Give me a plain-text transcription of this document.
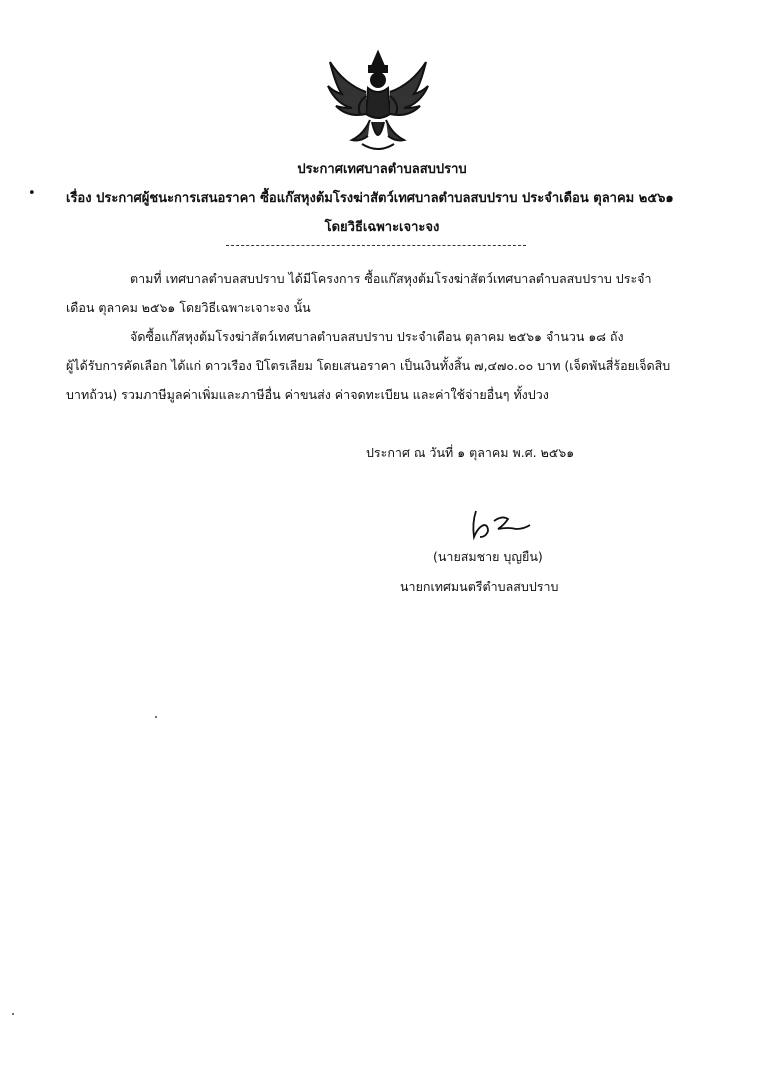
ประกาศเทศบาลตำบลสบปราบ
• เรื่อง ประกาศผู้ชนะการเสนอราคา ซื้อแก๊สหุงต้มโรงฆ่าสัตว์เทศบาลตำบลสบปราบ ประจำเดือน ตุลาคม ๒๕๖๑
โดยวิธีเฉพาะเจาะจง
ตามที่ เทศบาลตำบลสบปราบ ได้มีโครงการ ซื้อแก๊สหุงต้มโรงฆ่าสัตว์เทศบาลตำบลสบปราบ ประจำ
เดือน ตุลาคม ๒๕๖๑ โดยวิธีเฉพาะเจาะจง นั้น
จัดซื้อแก๊สหุงต้มโรงฆ่าสัตว์เทศบาลตำบลสบปราบ ประจำเดือน ตุลาคม ๒๕๖๑ จำนวน ๑๘ ถัง
ผู้ได้รับการคัดเลือก ได้แก่ ดาวเรือง ปิโตรเลียม โดยเสนอราคา เป็นเงินทั้งสิ้น ๗,๔๗๐.๐๐ บาท (เจ็ดพันสี่ร้อยเจ็ดสิบ
บาทถ้วน) รวมภาษีมูลค่าเพิ่มและภาษีอื่น ค่าขนส่ง ค่าจดทะเบียน และค่าใช้จ่ายอื่นๆ ทั้งปวง
ประกาศ ณ วันที่ ๑ ตุลาคม พ.ศ. ๒๕๖๑
(นายสมชาย บุญยืน)
นายกเทศมนตรีตำบลสบปราบ
